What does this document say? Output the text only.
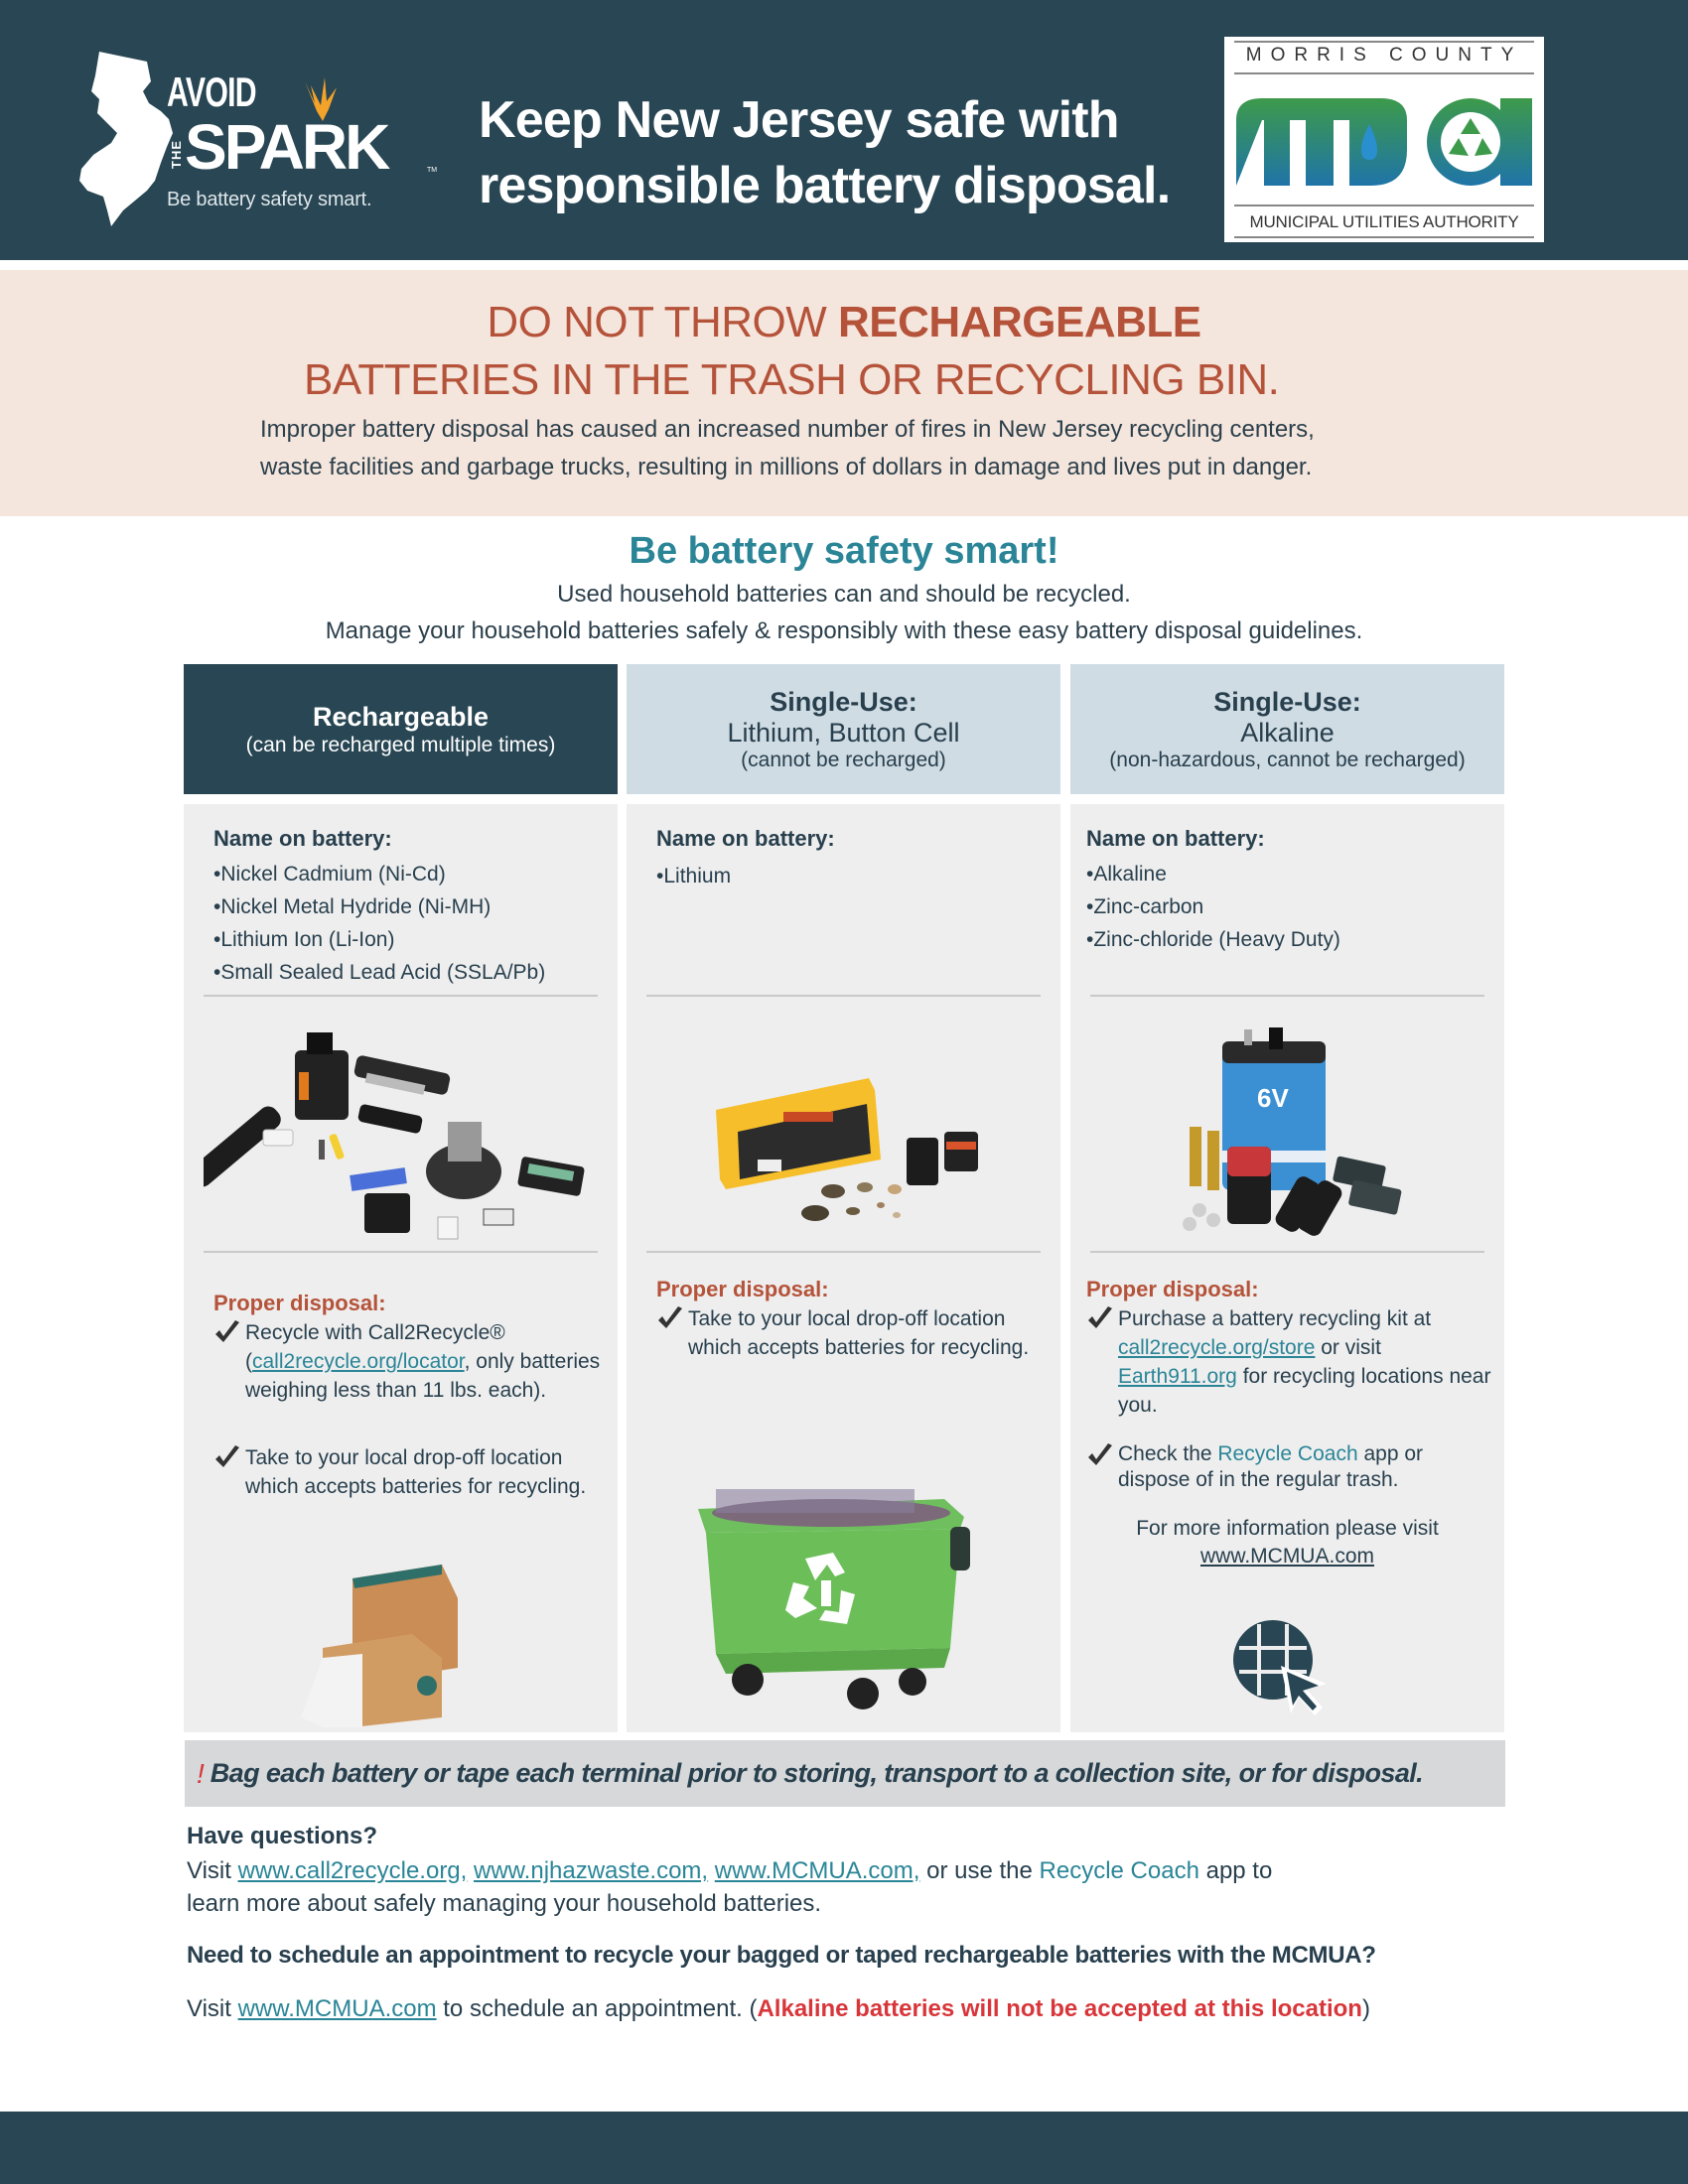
AVOID
THE SPARK	TM
Be battery safety smart.
Keep New Jersey safe with
responsible battery disposal.
MORRIS COUNTY
MUNICIPAL UTILITIES AUTHORITY
DO NOT THROW RECHARGEABLE
BATTERIES IN THE TRASH OR RECYCLING BIN.
Improper battery disposal has caused an increased number of fires in New Jersey recycling centers,
waste facilities and garbage trucks, resulting in millions of dollars in damage and lives put in danger.
Be battery safety smart!
Used household batteries can and should be recycled.
Manage your household batteries safely & responsibly with these easy battery disposal guidelines.
Rechargeable
(can be recharged multiple times)
Single-Use:
Lithium, Button Cell
(cannot be recharged)
Single-Use:
Alkaline
(non-hazardous, cannot be recharged)
Name on battery:
• Nickel Cadmium (Ni-Cd)
• Nickel Metal Hydride (Ni-MH)
• Lithium Ion (Li-Ion)
• Small Sealed Lead Acid (SSLA/Pb)
Proper disposal:
Recycle with Call2Recycle® (call2recycle.org/locator, only batteries weighing less than 11 lbs. each).
Take to your local drop-off location which accepts batteries for recycling.
Name on battery:
• Lithium
Proper disposal:
Take to your local drop-off location which accepts batteries for recycling.
Name on battery:
• Alkaline
• Zinc-carbon
• Zinc-chloride (Heavy Duty)
6V
Proper disposal:
Purchase a battery recycling kit at call2recycle.org/store or visit Earth911.org for recycling locations near you.
Check the Recycle Coach app or dispose of in the regular trash.
For more information please visit
www.MCMUA.com
! Bag each battery or tape each terminal prior to storing, transport to a collection site, or for disposal.
Have questions?
Visit www.call2recycle.org, www.njhazwaste.com, www.MCMUA.com, or use the Recycle Coach app to
learn more about safely managing your household batteries.
Need to schedule an appointment to recycle your bagged or taped rechargeable batteries with the MCMUA?
Visit www.MCMUA.com to schedule an appointment. (Alkaline batteries will not be accepted at this location)
